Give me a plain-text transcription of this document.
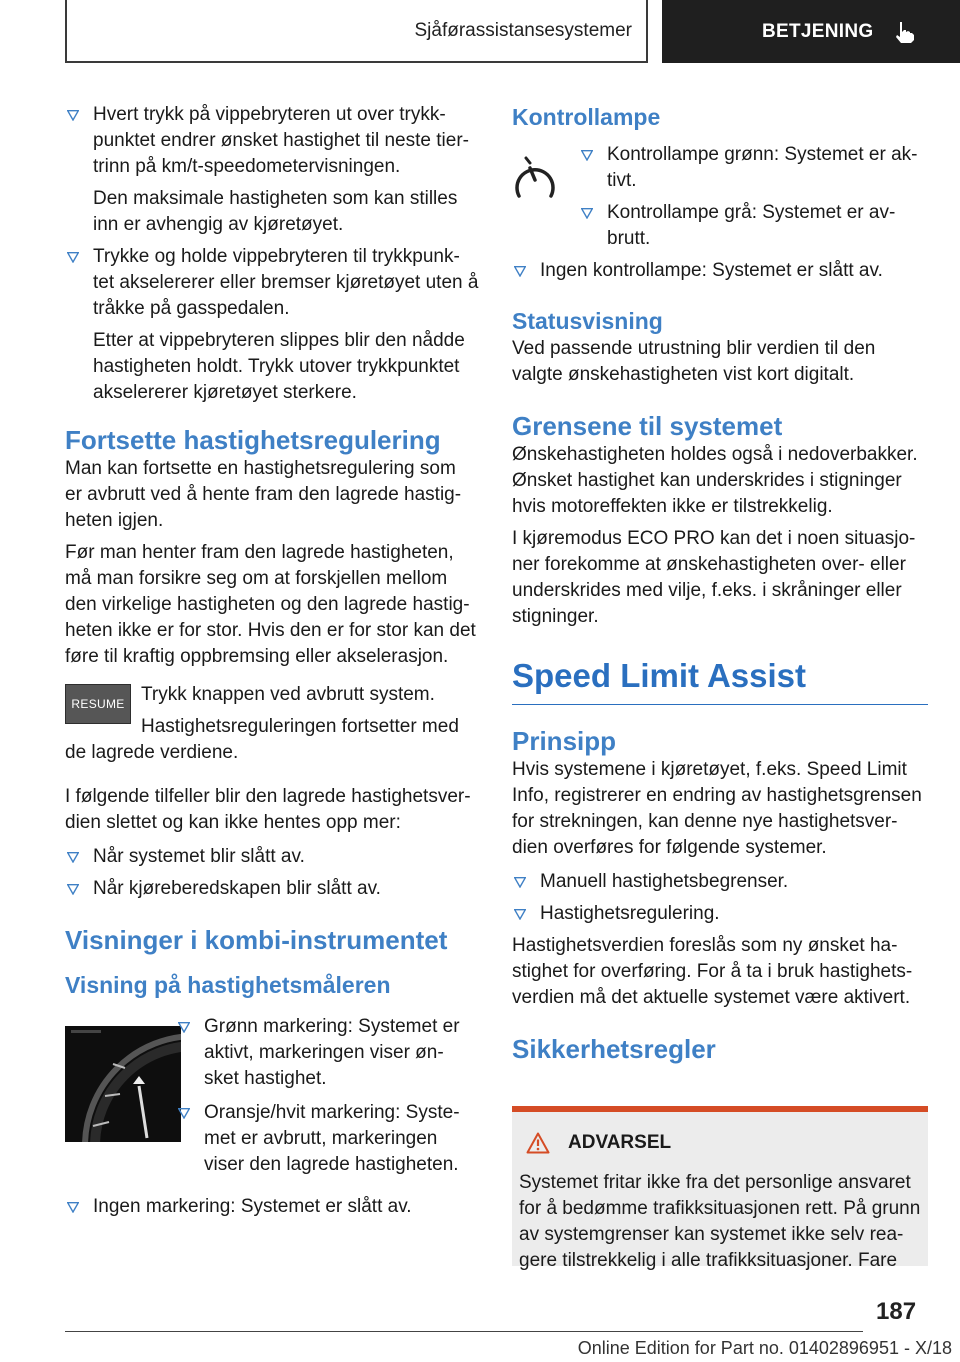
Sjåførassistansesystemer	BETJENING

Hvert trykk på vippebryteren ut over trykk-

punktet endrer ønsket hastighet til neste tier-

trinn på km/t-speedometervisningen.

Den maksimale hastigheten som kan stilles

inn er avhengig av kjøretøyet.

Trykke og holde vippebryteren til trykkpunk-

tet akselererer eller bremser kjøretøyet uten å

tråkke på gasspedalen.

Etter at vippebryteren slippes blir den nådde

hastigheten holdt. Trykk utover trykkpunktet

akselererer kjøretøyet sterkere.

Fortsette hastighetsregulering

Man kan fortsette en hastighetsregulering som

er avbrutt ved å hente fram den lagrede hastig-

heten igjen.

Før man henter fram den lagrede hastigheten,

må man forsikre seg om at forskjellen mellom

den virkelige hastigheten og den lagrede hastig-

heten ikke er for stor. Hvis den er for stor kan det

føre til kraftig oppbremsing eller akselerasjon.

RESUME Trykk knappen ved avbrutt system.

Hastighetsreguleringen fortsetter med

de lagrede verdiene.

I følgende tilfeller blir den lagrede hastighetsver-

dien slettet og kan ikke hentes opp mer:

Når systemet blir slått av.

Når kjøreberedskapen blir slått av.

Visninger i kombi-instrumentet
Visning på hastighetsmåleren

Grønn markering: Systemet er

aktivt, markeringen viser øn-

sket hastighet.

Oransje/hvit markering: Syste-

met er avbrutt, markeringen

viser den lagrede hastigheten.

Ingen markering: Systemet er slått av.

Kontrollampe

Kontrollampe grønn: Systemet er ak-

tivt.

Kontrollampe grå: Systemet er av-

brutt.

Ingen kontrollampe: Systemet er slått av.

Statusvisning

Ved passende utrustning blir verdien til den

valgte ønskehastigheten vist kort digitalt.

Grensene til systemet

Ønskehastigheten holdes også i nedoverbakker.

Ønsket hastighet kan underskrides i stigninger

hvis motoreffekten ikke er tilstrekkelig.

I kjøremodus ECO PRO kan det i noen situasjo-

ner forekomme at ønskehastigheten over- eller

underskrides med vilje, f.eks. i skråninger eller

stigninger.

Speed Limit Assist
Prinsipp

Hvis systemene i kjøretøyet, f.eks. Speed Limit

Info, registrerer en endring av hastighetsgrensen

for strekningen, kan denne nye hastighetsver-

dien overføres for følgende systemer.

Manuell hastighetsbegrenser.

Hastighetsregulering.

Hastighetsverdien foreslås som ny ønsket ha-

stighet for overføring. For å ta i bruk hastighets-

verdien må det aktuelle systemet være aktivert.

Sikkerhetsregler
ADVARSEL

Systemet fritar ikke fra det personlige ansvaret

for å bedømme trafikksituasjonen rett. På grunn

av systemgrenser kan systemet ikke selv rea-

gere tilstrekkelig i alle trafikksituasjoner. Fare

187
Online Edition for Part no. 01402896951 - X/18
